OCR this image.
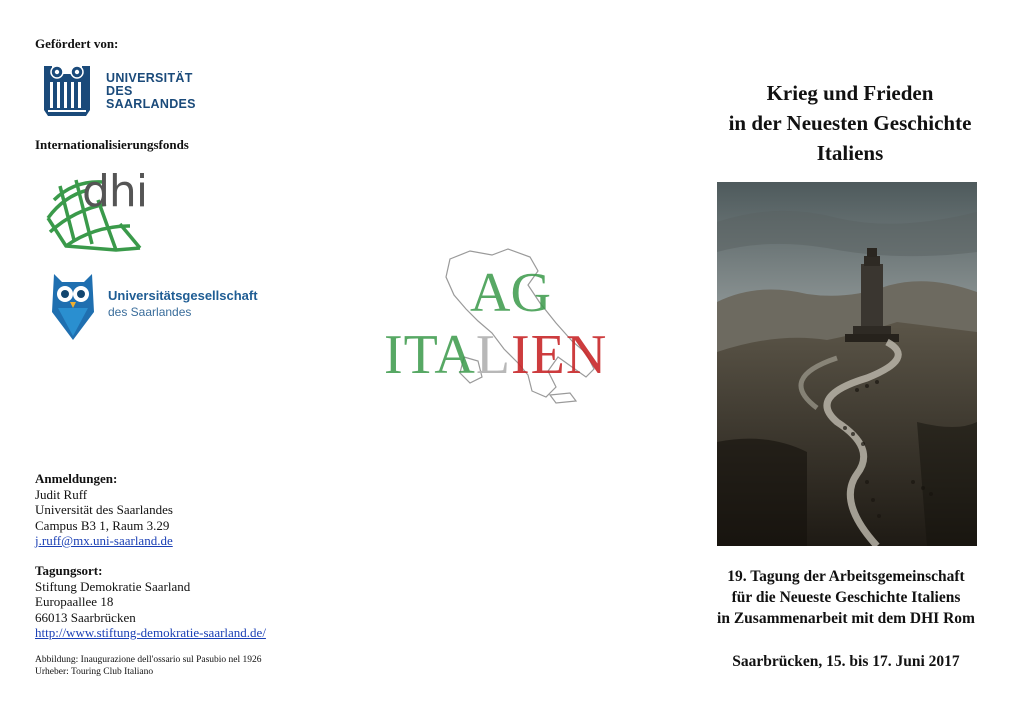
Gefördert von:
UNIVERSITÄT
DES
SAARLANDES
Internationalisierungsfonds
dhi
Universitätsgesellschaft
des Saarlandes
Anmeldungen:
Judit Ruff
Universität des Saarlandes
Campus B3 1, Raum 3.29
j.ruff@mx.uni-saarland.de
Tagungsort:
Stiftung Demokratie Saarland
Europaallee 18
66013 Saarbrücken
http://www.stiftung-demokratie-saarland.de/
Abbildung: Inaugurazione dell'ossario sul Pasubio nel 1926
Urheber: Touring Club Italiano
AG
ITALIEN
Krieg und Frieden
in der Neuesten Geschichte
Italiens
19. Tagung der Arbeitsgemeinschaft
für die Neueste Geschichte Italiens
in Zusammenarbeit mit dem DHI Rom
Saarbrücken, 15. bis 17. Juni 2017
